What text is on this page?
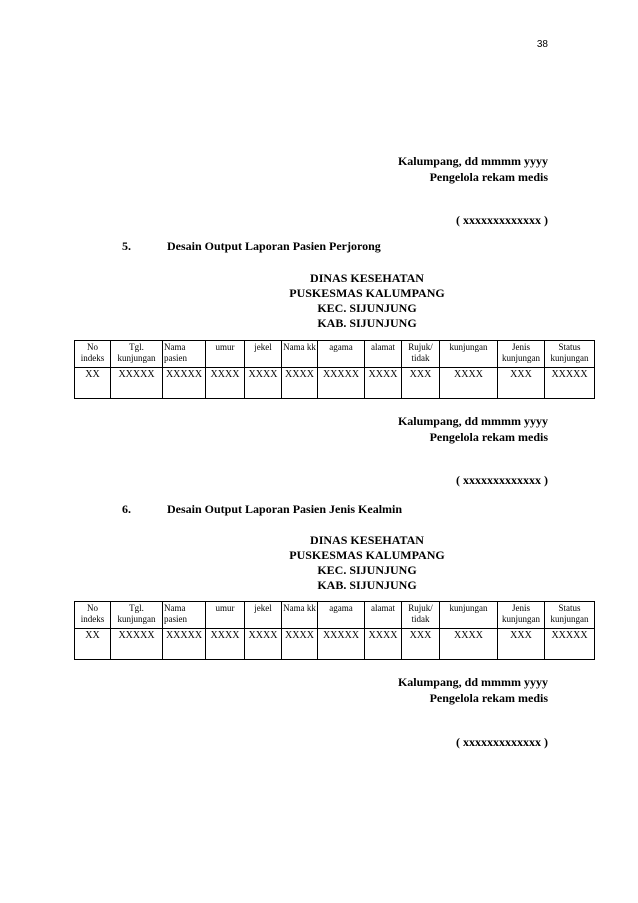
38
Kalumpang, dd mmmm yyyy
Pengelola rekam medis
( xxxxxxxxxxxxx )
5.	Desain Output Laporan Pasien Perjorong
DINAS KESEHATAN
PUSKESMAS KALUMPANG
KEC. SIJUNJUNG
KAB. SIJUNJUNG
No indeks	Tgl. kunjungan	Nama pasien	umur	jekel	Nama kk	agama	alamat	Rujuk/ tidak	kunjungan	Jenis kunjungan	Status kunjungan
XX	XXXXX	XXXXX	XXXX	XXXX	XXXX	XXXXX	XXXX	XXX	XXXX	XXX	XXXXX
Kalumpang, dd mmmm yyyy
Pengelola rekam medis
( xxxxxxxxxxxxx )
6.	Desain Output Laporan Pasien Jenis Kealmin
DINAS KESEHATAN
PUSKESMAS KALUMPANG
KEC. SIJUNJUNG
KAB. SIJUNJUNG
No indeks	Tgl. kunjungan	Nama pasien	umur	jekel	Nama kk	agama	alamat	Rujuk/ tidak	kunjungan	Jenis kunjungan	Status kunjungan
XX	XXXXX	XXXXX	XXXX	XXXX	XXXX	XXXXX	XXXX	XXX	XXXX	XXX	XXXXX
Kalumpang, dd mmmm yyyy
Pengelola rekam medis
( xxxxxxxxxxxxx )
